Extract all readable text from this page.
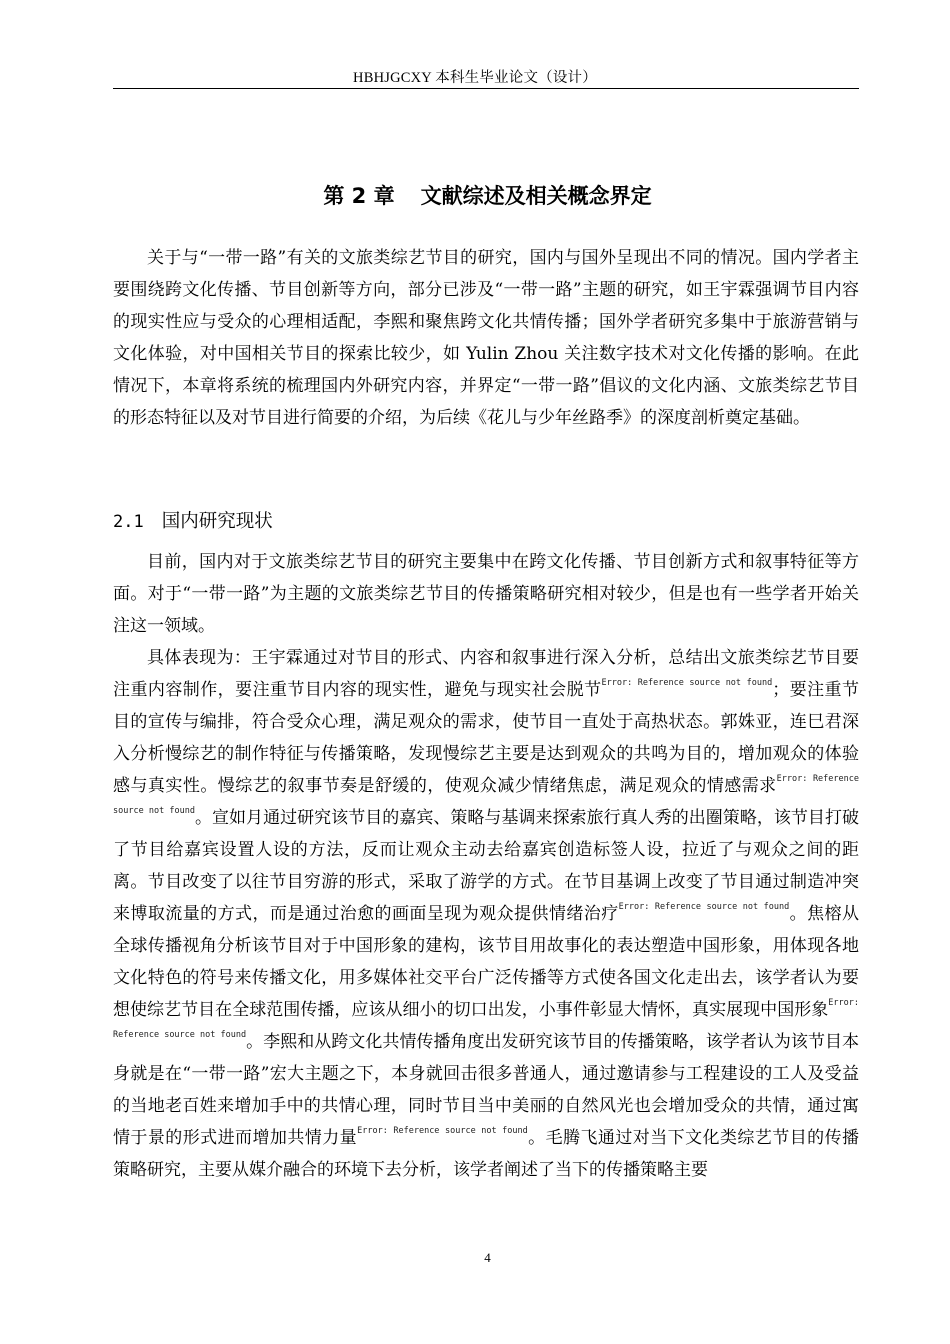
HBHJGCXY 本科生毕业论文（设计）
第 2 章 文献综述及相关概念界定

关于与“一带一路”有关的文旅类综艺节目的研究，国内与国外呈现出不同的情况。国内学者主要围绕跨文化传播、节目创新等方向，部分已涉及“一带一路”主题的研究，如王宇霖强调节目内容的现实性应与受众的心理相适配，李熙和聚焦跨文化共情传播；国外学者研究多集中于旅游营销与文化体验，对中国相关节目的探索比较少，如 Yulin Zhou 关注数字技术对文化传播的影响。在此情况下，本章将系统的梳理国内外研究内容，并界定“一带一路”倡议的文化内涵、文旅类综艺节目的形态特征以及对节目进行简要的介绍，为后续《花儿与少年丝路季》的深度剖析奠定基础。

2.1 国内研究现状

目前，国内对于文旅类综艺节目的研究主要集中在跨文化传播、节目创新方式和叙事特征等方面。对于“一带一路”为主题的文旅类综艺节目的传播策略研究相对较少，但是也有一些学者开始关注这一领域。

具体表现为：王宇霖通过对节目的形式、内容和叙事进行深入分析，总结出文旅类综艺节目要注重内容制作，要注重节目内容的现实性，避免与现实社会脱节$^{Error: Reference source not found}$；要注重节目的宣传与编排，符合受众心理，满足观众的需求，使节目一直处于高热状态。郭姝亚，连巳君深入分析慢综艺的制作特征与传播策略，发现慢综艺主要是达到观众的共鸣为目的，增加观众的体验感与真实性。慢综艺的叙事节奏是舒缓的，使观众减少情绪焦虑，满足观众的情感需求$^{Error: Reference source not found}$。宣如月通过研究该节目的嘉宾、策略与基调来探索旅行真人秀的出圈策略，该节目打破了节目给嘉宾设置人设的方法，反而让观众主动去给嘉宾创造标签人设，拉近了与观众之间的距离。节目改变了以往节目穷游的形式，采取了游学的方式。在节目基调上改变了节目通过制造冲突来博取流量的方式，而是通过治愈的画面呈现为观众提供情绪治疗$^{Error: Reference source not found}$。焦榕从全球传播视角分析该节目对于中国形象的建构，该节目用故事化的表达塑造中国形象，用体现各地文化特色的符号来传播文化，用多媒体社交平台广泛传播等方式使各国文化走出去，该学者认为要想使综艺节目在全球范围传播，应该从细小的切口出发，小事件彰显大情怀，真实展现中国形象$^{Error: Reference source not found}$。李熙和从跨文化共情传播角度出发研究该节目的传播策略，该学者认为该节目本身就是在“一带一路”宏大主题之下，本身就回击很多普通人，通过邀请参与工程建设的工人及受益的当地老百姓来增加手中的共情心理，同时节目当中美丽的自然风光也会增加受众的共情，通过寓情于景的形式进而增加共情力量$^{Error: Reference source not found}$。毛腾飞通过对当下文化类综艺节目的传播策略研究，主要从媒介融合的环境下去分析，该学者阐述了当下的传播策略主要

4
